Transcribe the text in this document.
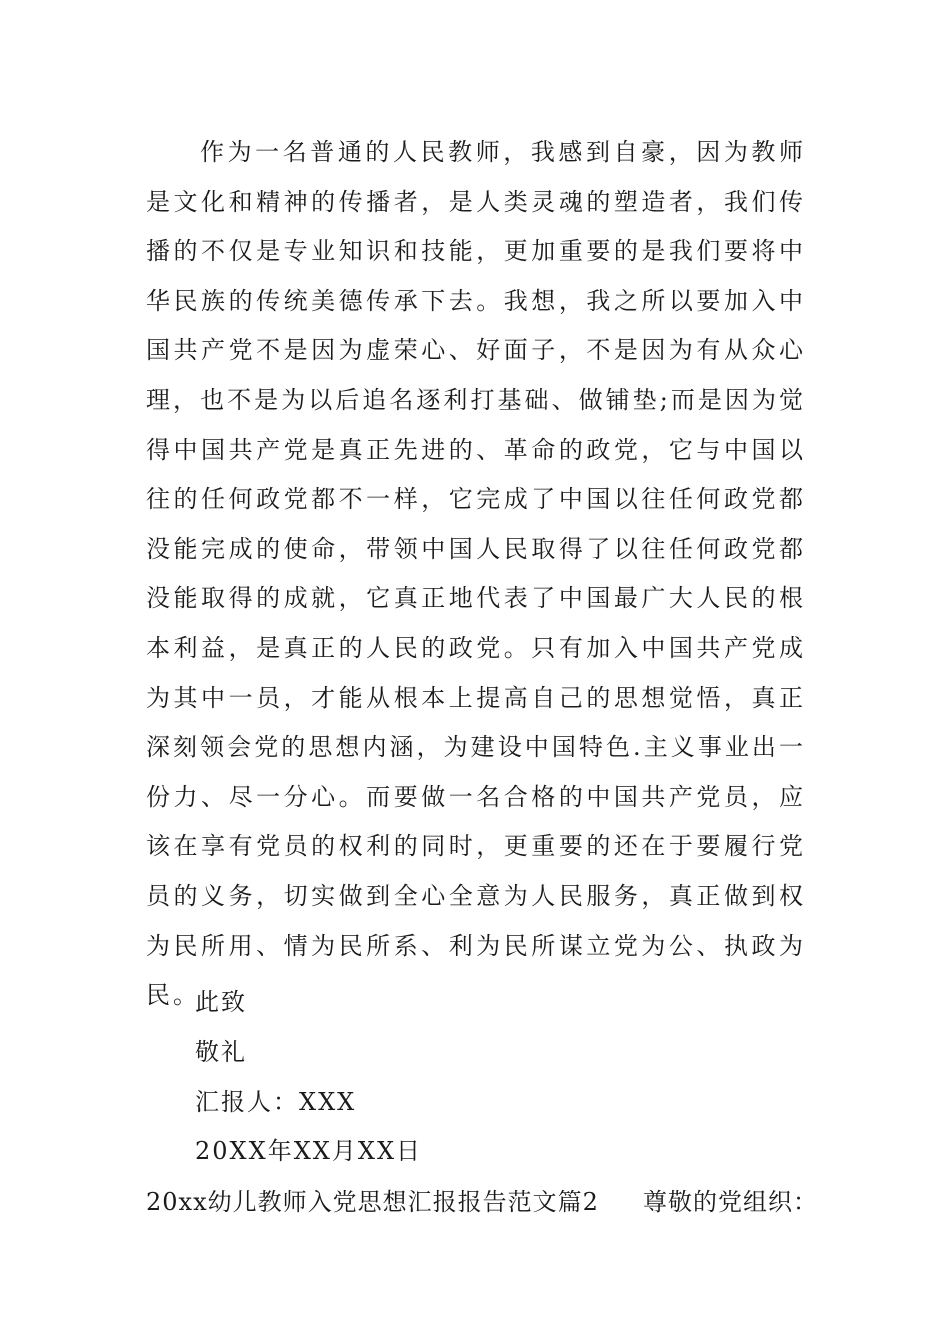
作为一名普通的人民教师，我感到自豪，因为教师是文化和精神的传播者，是人类灵魂的塑造者，我们传播的不仅是专业知识和技能，更加重要的是我们要将中华民族的传统美德传承下去。我想，我之所以要加入中国共产党不是因为虚荣心、好面子，不是因为有从众心理，也不是为以后追名逐利打基础、做铺垫;而是因为觉得中国共产党是真正先进的、革命的政党，它与中国以往的任何政党都不一样，它完成了中国以往任何政党都没能完成的使命，带领中国人民取得了以往任何政党都没能取得的成就，它真正地代表了中国最广大人民的根本利益，是真正的人民的政党。只有加入中国共产党成为其中一员，才能从根本上提高自己的思想觉悟，真正深刻领会党的思想内涵，为建设中国特色.主义事业出一份力、尽一分心。而要做一名合格的中国共产党员，应该在享有党员的权利的同时，更重要的还在于要履行党员的义务，切实做到全心全意为人民服务，真正做到权为民所用、情为民所系、利为民所谋立党为公、执政为民。

此致

敬礼

汇报人：XXX

20XX年XX月XX日

20xx幼儿教师入党思想汇报报告范文篇2 尊敬的党组织：
